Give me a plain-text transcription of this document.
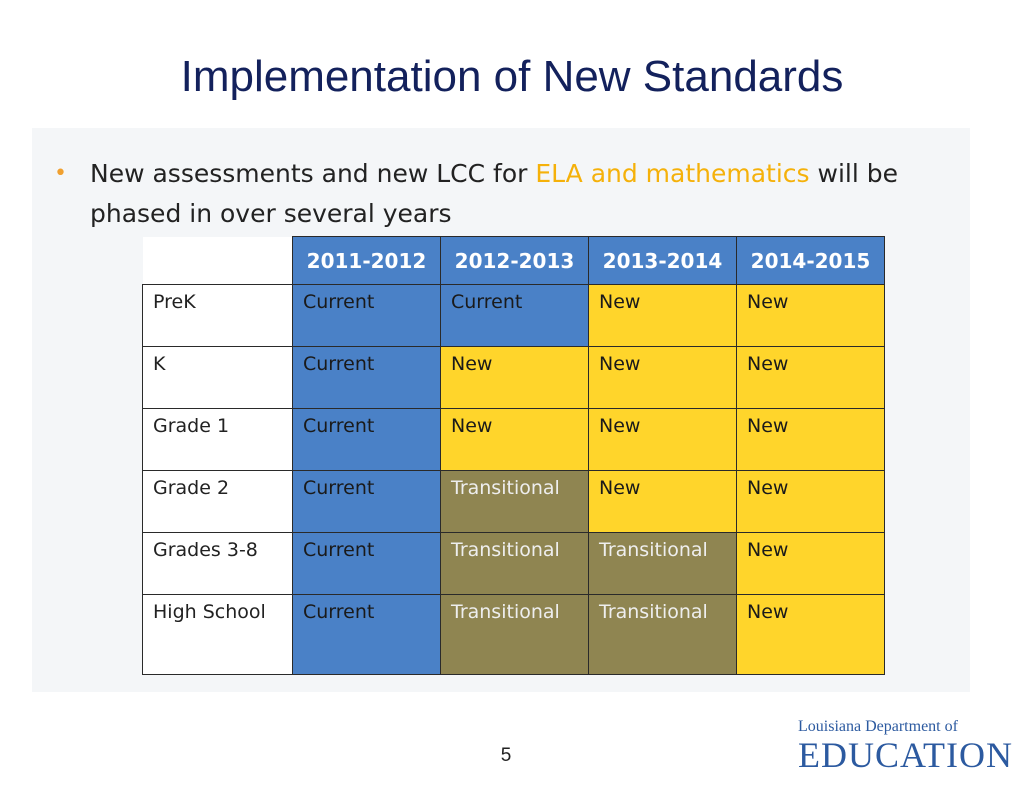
Implementation of New Standards
• New assessments and new LCC for ELA and mathematics will be phased in over several years
	2011-2012	2012-2013	2013-2014	2014-2015
PreK	Current	Current	New	New
K	Current	New	New	New
Grade 1	Current	New	New	New
Grade 2	Current	Transitional	New	New
Grades 3-8	Current	Transitional	Transitional	New
High School	Current	Transitional	Transitional	New
5
Louisiana Department of
EDUCATION
